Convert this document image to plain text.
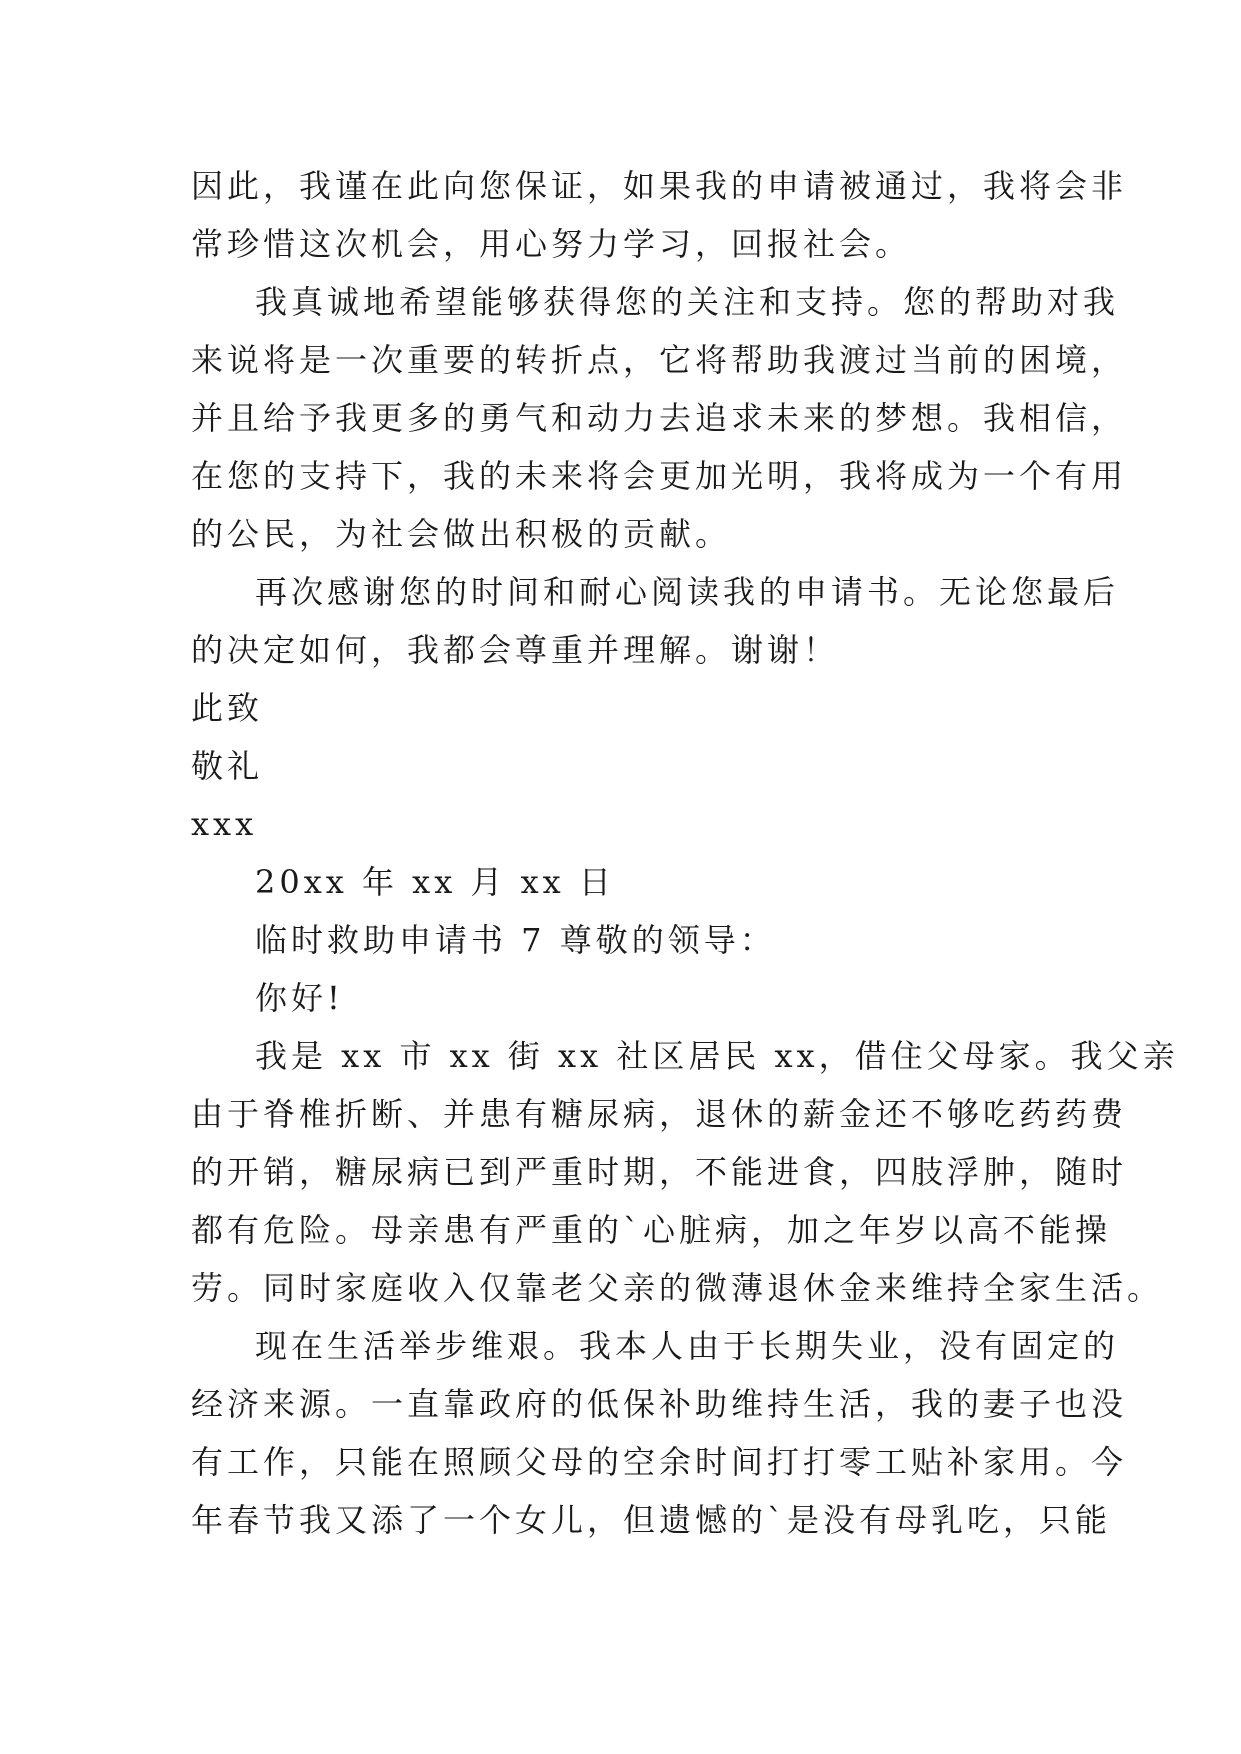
因此，我谨在此向您保证，如果我的申请被通过，我将会非
常珍惜这次机会，用心努力学习，回报社会。
我真诚地希望能够获得您的关注和支持。您的帮助对我
来说将是一次重要的转折点，它将帮助我渡过当前的困境，
并且给予我更多的勇气和动力去追求未来的梦想。我相信，
在您的支持下，我的未来将会更加光明，我将成为一个有用
的公民，为社会做出积极的贡献。
再次感谢您的时间和耐心阅读我的申请书。无论您最后
的决定如何，我都会尊重并理解。谢谢！
此致
敬礼
xxx
20xx 年 xx 月 xx 日
临时救助申请书 7 尊敬的领导：
你好!
我是 xx 市 xx 街 xx 社区居民 xx，借住父母家。我父亲
由于脊椎折断、并患有糖尿病，退休的薪金还不够吃药药费
的开销，糖尿病已到严重时期，不能进食，四肢浮肿，随时
都有危险。母亲患有严重的`心脏病，加之年岁以高不能操
劳。同时家庭收入仅靠老父亲的微薄退休金来维持全家生活。
现在生活举步维艰。我本人由于长期失业，没有固定的
经济来源。一直靠政府的低保补助维持生活，我的妻子也没
有工作，只能在照顾父母的空余时间打打零工贴补家用。今
年春节我又添了一个女儿，但遗憾的`是没有母乳吃，只能
